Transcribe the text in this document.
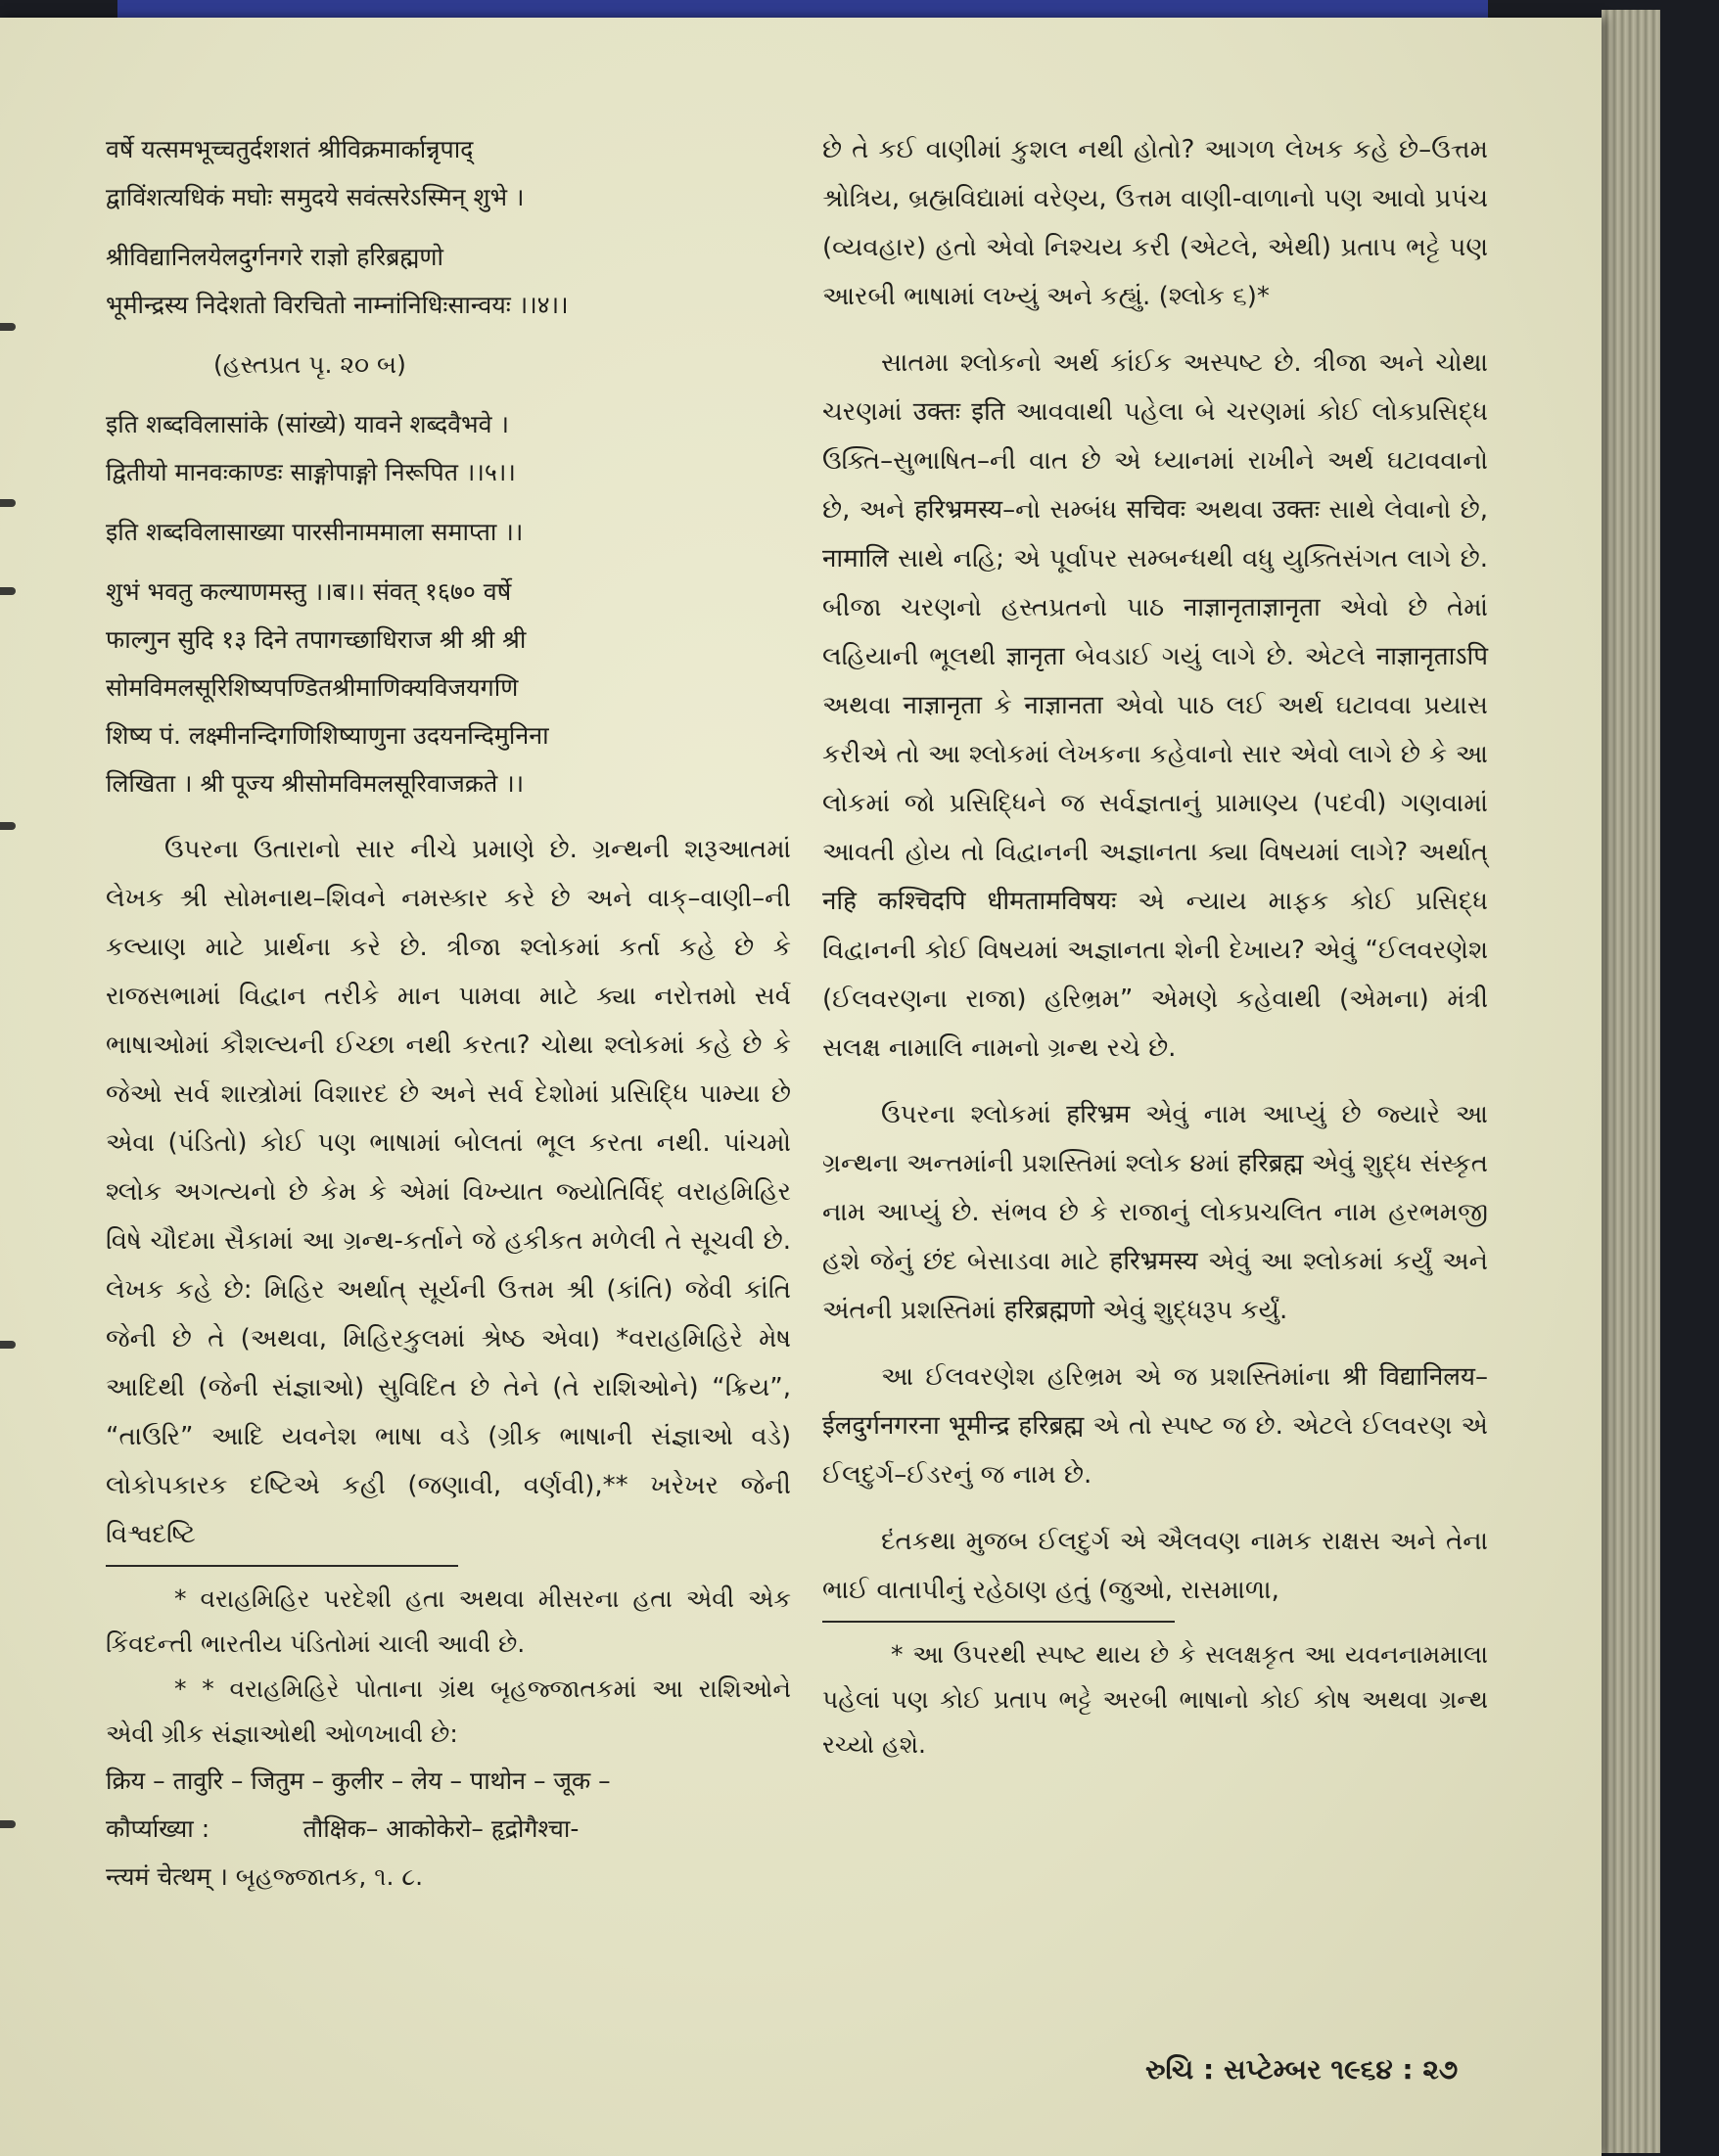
वर्षे यत्समभूच्चतुर्दशशतं श्रीविक्रमार्कान्नृपाद्

द्वाविंशत्यधिकं मघोः समुदये सवंत्सरेऽस्मिन् शुभे ।

श्रीविद्यानिलयेलदुर्गनगरे राज्ञो हरिब्रह्मणो

भूमीन्द्रस्य निदेशतो विरचितो नाम्नांनिधिःसान्वयः ।।४।।

(હસ્તપ્રત પૃ. ૨૦ બ)

इति शब्दविलासांके (सांख्ये) यावने शब्दवैभवे ।

द्वितीयो मानवःकाण्डः साङ्गोपाङ्गो निरूपित ।।५।।

इति शब्दविलासाख्या पारसीनाममाला समाप्ता ।।

शुभं भवतु कल्याणमस्तु ।।ब।। संवत् १६७० वर्षे

फाल्गुन सुदि १३ दिने तपागच्छाधिराज श्री श्री श्री

सोमविमलसूरिशिष्यपण्डितश्रीमाणिक्यविजयगणि

शिष्य पं. लक्ष्मीनन्दिगणिशिष्याणुना उदयनन्दिमुनिना

लिखिता । श्री पूज्य श्रीसोमविमलसूरिवाजक्रते ।।

ઉપરના ઉતારાનો સાર નીચે પ્રમાણે છે. ગ્રન્થની શરૂઆતમાં લેખક શ્રી સોમનાથ–શિવને નમસ્કાર કરે છે અને વાક્–વાણી–ની કલ્યાણ માટે પ્રાર્થના કરે છે. ત્રીજા શ્લોકમાં કર્તા કહે છે કે રાજસભામાં વિદ્વાન તરીકે માન પામવા માટે ક્યા નરોત્તમો સર્વ ભાષાઓમાં કૌશલ્યની ઈચ્છા નથી કરતા? ચોથા શ્લોકમાં કહે છે કે જેઓ સર્વ શાસ્ત્રોમાં વિશારદ છે અને સર્વ દેશોમાં પ્રસિદ્ધિ પામ્યા છે એવા (પંડિતો) કોઈ પણ ભાષામાં બોલતાં ભૂલ કરતા નથી. પાંચમો શ્લોક અગત્યનો છે કેમ કે એમાં વિખ્યાત જ્યોતિર્વિદ્ વરાહમિહિર વિષે ચૌદમા સૈકામાં આ ગ્રન્થ-કર્તાને જે હકીકત મળેલી તે સૂચવી છે. લેખક કહે છે: મિહિર અર્થાત્ સૂર્યની ઉત્તમ શ્રી (કાંતિ) જેવી કાંતિ જેની છે તે (અથવા, મિહિરકુલમાં શ્રેષ્ઠ એવા) *વરાહમિહિરે મેષ આદિથી (જેની સંજ્ઞાઓ) સુવિદિત છે તેને (તે રાશિઓને) “ક્રિય”, “તાઉરિ” આદિ યવનેશ ભાષા વડે (ગ્રીક ભાષાની સંજ્ઞાઓ વડે) લોકોપકારક દષ્ટિએ કહી (જણાવી, વર્ણવી),** ખરેખર જેની વિશ્વદષ્ટિ

* વરાહમિહિર પરદેશી હતા અથવા મીસરના હતા એવી એક કિંવદન્તી ભારતીય પંડિતોમાં ચાલી આવી છે.

* * વરાહમિહિરે પોતાના ગ્રંથ બૃહજ્જાતકમાં આ રાશિઓને એવી ગ્રીક સંજ્ઞાઓથી ઓળખાવી છે:

क्रिय – तावुरि – जितुम – कुलीर – लेय – पाथोन – जूक –

कौर्प्याख्या :            तौक्षिक– आकोकेरो– हृद्रोगैश्चा-

न्त्यमं चेत्थम् । બૃહજ્જાતક, ૧. ૮.

છે તે કઈ વાણીમાં કુશલ નથી હોતો? આગળ લેખક કહે છે–ઉત્તમ શ્રોત્રિય, બ્રહ્મવિદ્યામાં વરેણ્ય, ઉત્તમ વાણી-વાળાનો પણ આવો પ્રપંચ (વ્યવહાર) હતો એવો નિશ્ચય કરી (એટલે, એથી) પ્રતાપ ભટ્ટે પણ આરબી ભાષામાં લખ્યું અને કહ્યું. (શ્લોક ૬)*

સાતમા શ્લોકનો અર્થ કાંઈક અસ્પષ્ટ છે. ત્રીજા અને ચોથા ચરણમાં उक्तः इति આવવાથી પહેલા બે ચરણમાં કોઈ લોકપ્રસિદ્ધ ઉક્તિ–સુભાષિત–ની વાત છે એ ધ્યાનમાં રાખીને અર્થ ઘટાવવાનો છે, અને हरिभ्रमस्य–નો સમ્બંધ सचिवः અથવા उक्तः સાથે લેવાનો છે, नामालि સાથે નહિ; એ પૂર્વાપર સમ્બન્ધથી વધુ યુક્તિસંગત લાગે છે. બીજા ચરણનો હસ્તપ્રતનો પાઠ नाज्ञानृताज्ञानृता એવો છે તેમાં લહિયાની ભૂલથી ज्ञानृता બેવડાઈ ગયું લાગે છે. એટલે नाज्ञानृताऽपि અથવા नाज्ञानृता કે नाज्ञानता એવો પાઠ લઈ અર્થ ઘટાવવા પ્રયાસ કરીએ તો આ શ્લોકમાં લેખકના કહેવાનો સાર એવો લાગે છે કે આ લોકમાં જો પ્રસિદ્ધિને જ સર્વજ્ઞતાનું પ્રામાણ્ય (પદવી) ગણવામાં આવતી હોય તો વિદ્વાનની અજ્ઞાનતા ક્યા વિષયમાં લાગે? અર્થાત્ नहि कश्चिदपि धीमतामविषयः એ ન્યાય માફક કોઈ પ્રસિદ્ધ વિદ્વાનની કોઈ વિષયમાં અજ્ઞાનતા શેની દેખાય? એવું “ઈલવરણેશ (ઈલવરણના રાજા) હરિભ્રમ” એમણે કહેવાથી (એમના) મંત્રી સલક્ષ નામાલિ નામનો ગ્રન્થ રચે છે.

ઉપરના શ્લોકમાં हरिभ्रम એવું નામ આપ્યું છે જ્યારે આ ગ્રન્થના અન્તમાંની પ્રશસ્તિમાં શ્લોક ૪માં हरिब्रह्म એવું શુદ્ધ સંસ્કૃત નામ આપ્યું છે. સંભવ છે કે રાજાનું લોકપ્રચલિત નામ હરભમજી હશે જેનું છંદ બેસાડવા માટે हरिभ्रमस्य એવું આ શ્લોકમાં કર્યું અને અંતની પ્રશસ્તિમાં हरिब्रह्मणो એવું શુદ્ધરૂપ કર્યું.

આ ઈલવરણેશ હરિભ્રમ એ જ પ્રશસ્તિમાંના श्री विद्यानिलय–ईलदुर्गनगरना भूमीन्द्र हरिब्रह्म એ તો સ્પષ્ટ જ છે. એટલે ઈલવરણ એ ઈલદુર્ગ–ઈડરનું જ નામ છે.

દંતકથા મુજબ ઈલદુર્ગ એ ઐલવણ નામક રાક્ષસ અને તેના ભાઈ વાતાપીનું રહેઠાણ હતું (જુઓ, રાસમાળા,

* આ ઉપરથી સ્પષ્ટ થાય છે કે સલક્ષકૃત આ યવનનામમાલા પહેલાં પણ કોઈ પ્રતાપ ભટ્ટે અરબી ભાષાનો કોઈ કોષ અથવા ગ્રન્થ રચ્યો હશે.

રુચિ : સપ્ટેમ્બર ૧૯૬૪ : ૨૭
